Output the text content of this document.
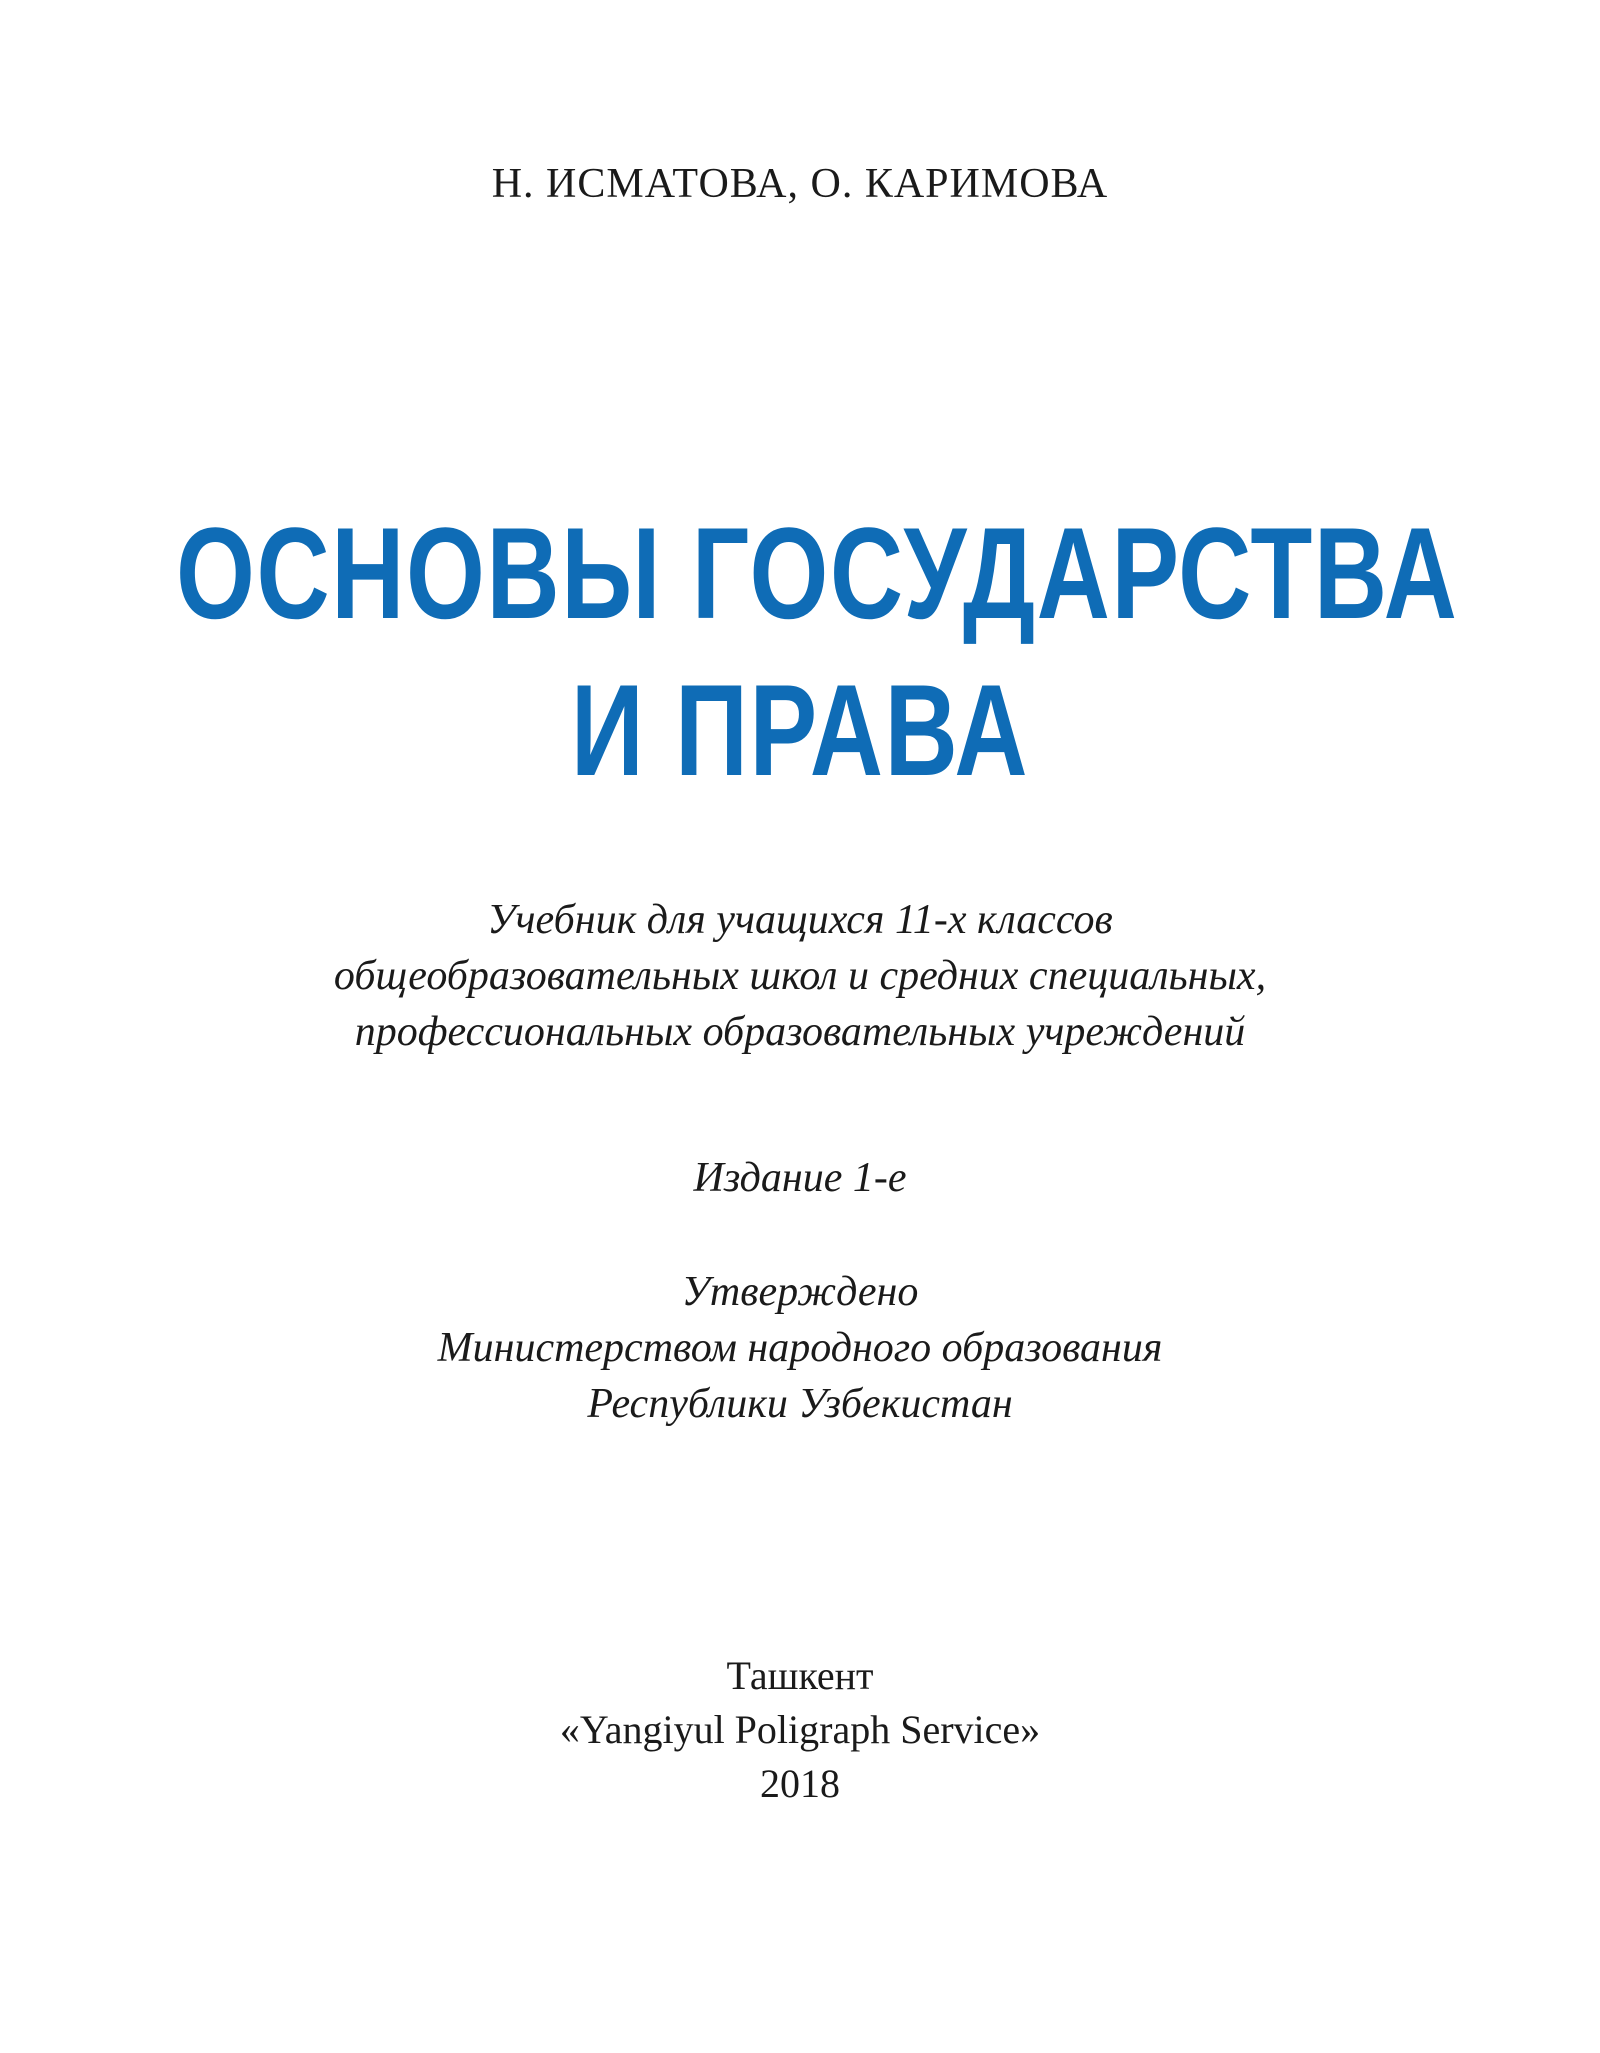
Н. ИСМАТОВА, О. КАРИМОВА
ОСНОВЫ ГОСУДАРСТВА
И ПРАВА
Учебник для учащихся 11-х классов
общеобразовательных школ и средних специальных,
профессиональных образовательных учреждений
Издание 1-е
Утверждено
Министерством народного образования
Республики Узбекистан
Ташкент
«Yangiyul Poligraph Service»
2018
